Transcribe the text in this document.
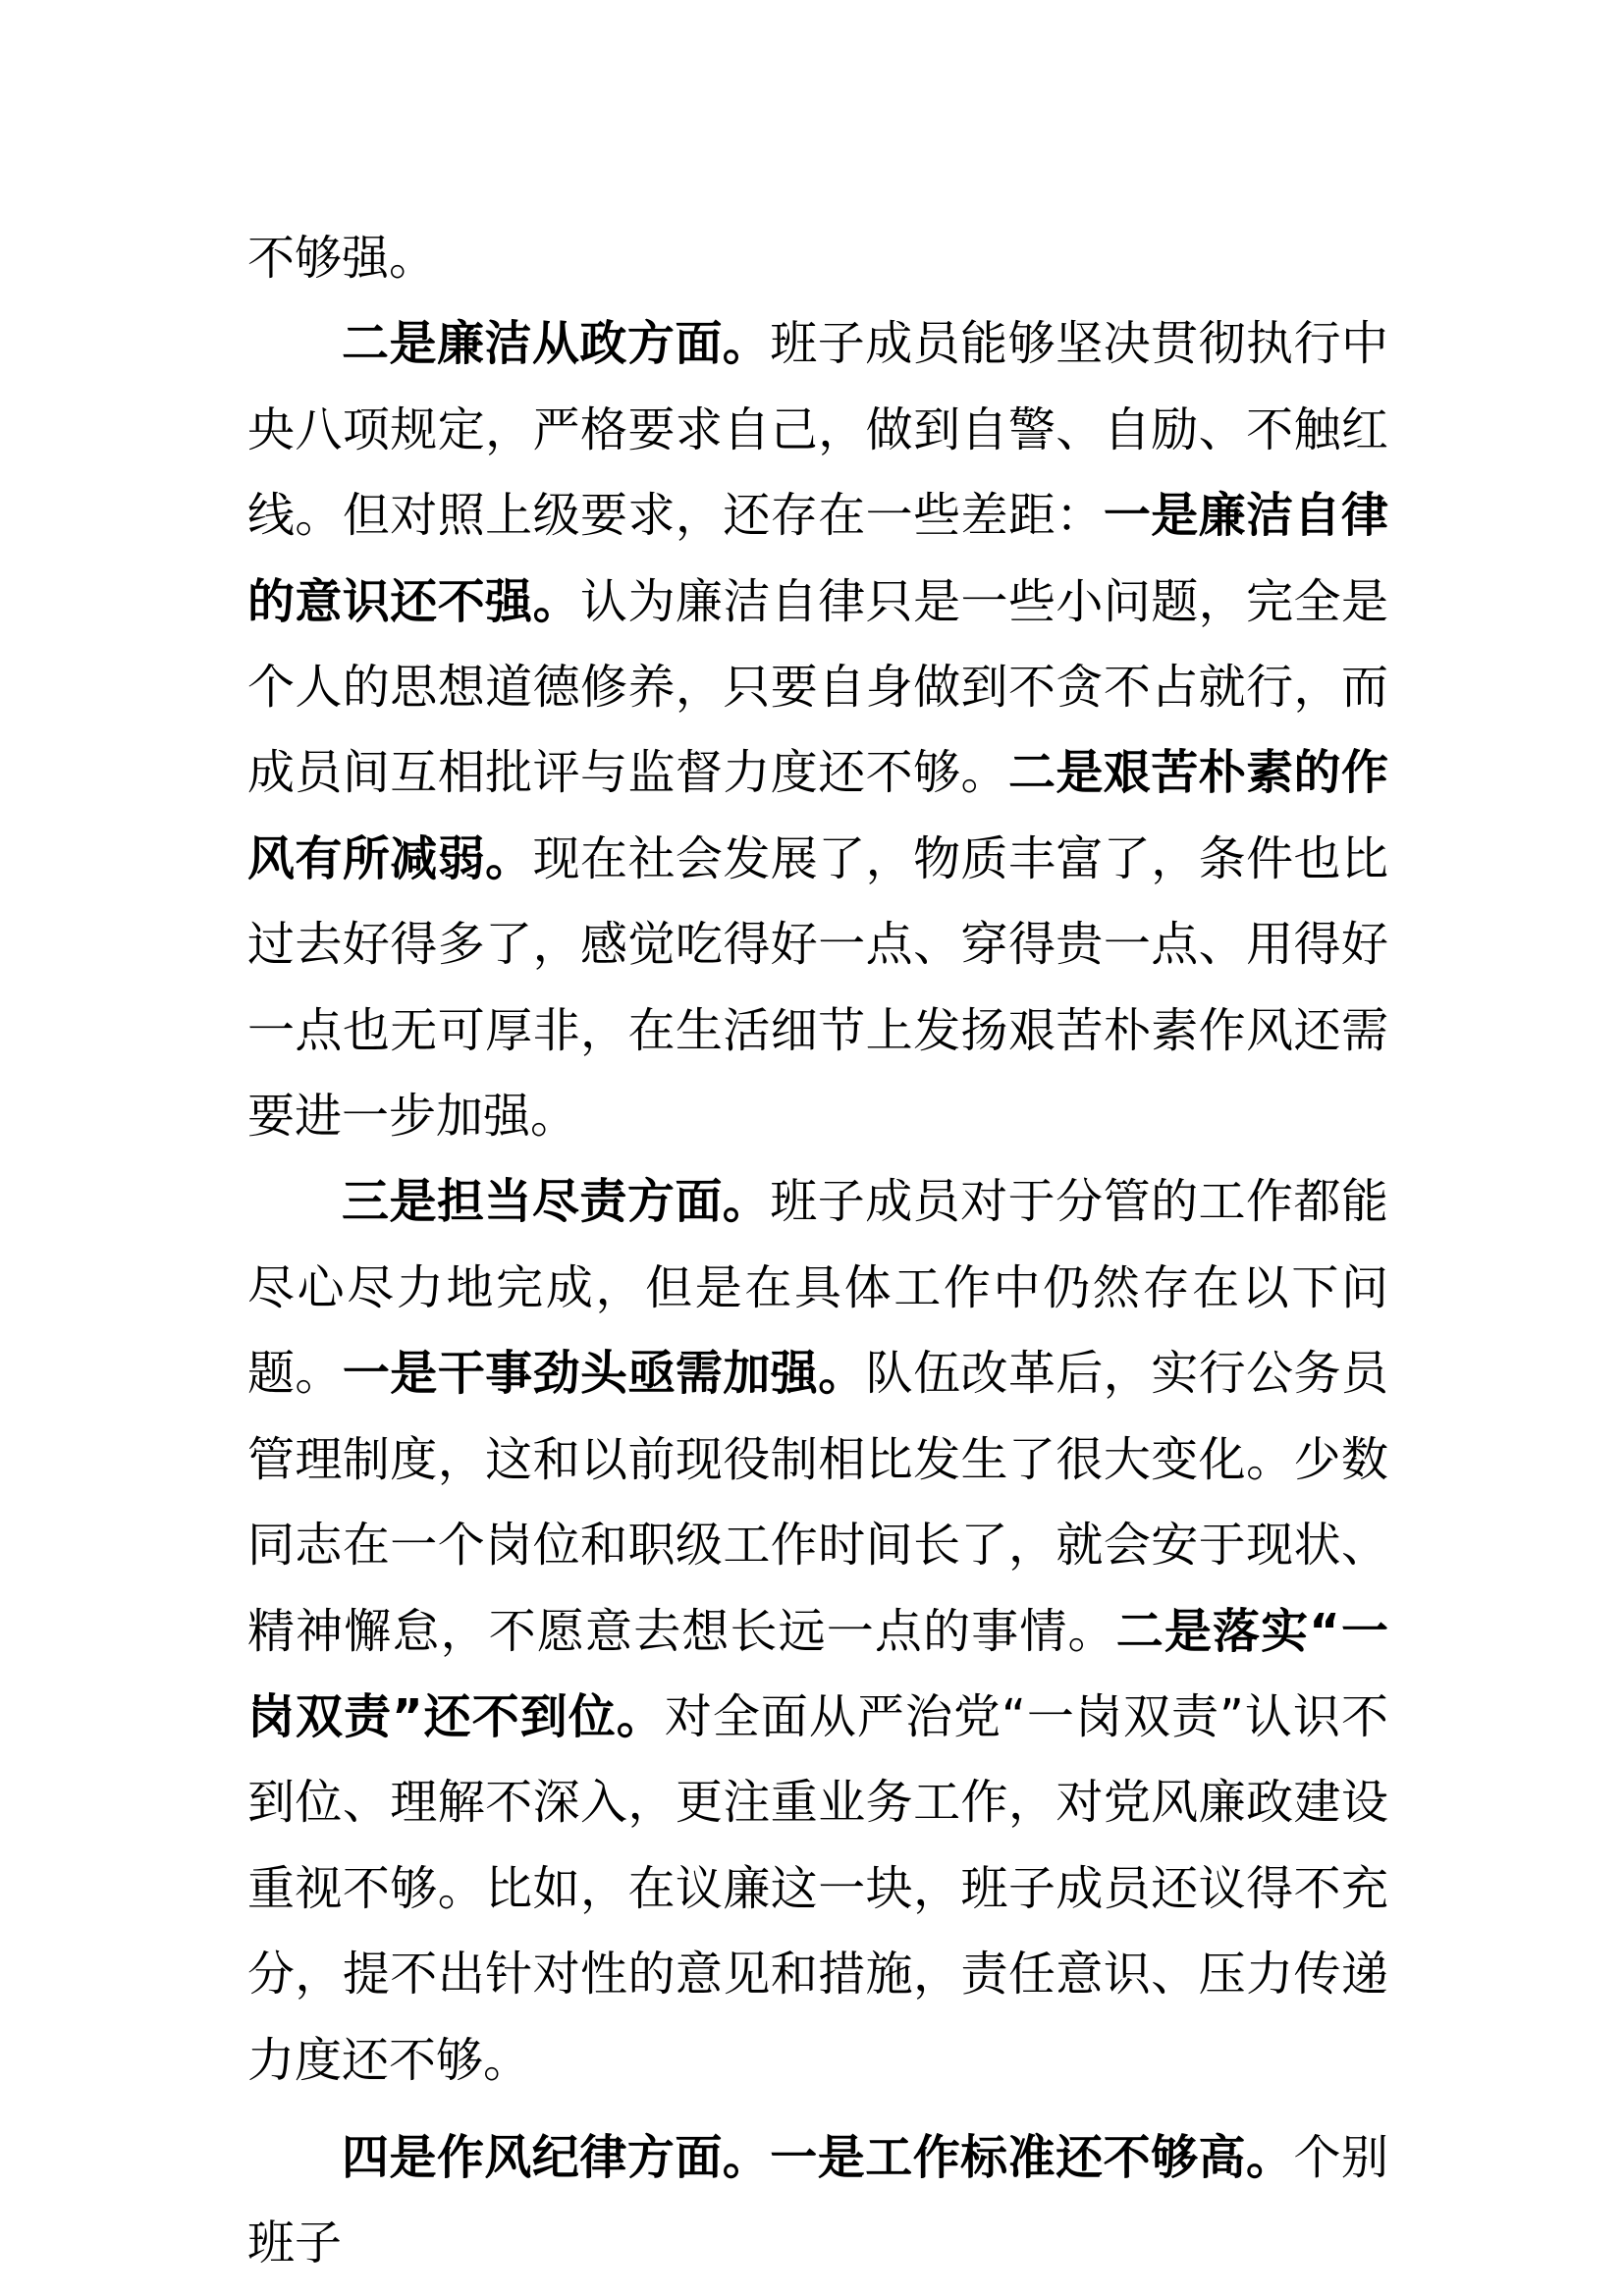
不够强。

二是廉洁从政方面。班子成员能够坚决贯彻执行中央八项规定，严格要求自己，做到自警、自励、不触红线。但对照上级要求，还存在一些差距：一是廉洁自律的意识还不强。认为廉洁自律只是一些小问题，完全是个人的思想道德修养，只要自身做到不贪不占就行，而成员间互相批评与监督力度还不够。二是艰苦朴素的作风有所减弱。现在社会发展了，物质丰富了，条件也比过去好得多了，感觉吃得好一点、穿得贵一点、用得好一点也无可厚非，在生活细节上发扬艰苦朴素作风还需要进一步加强。

三是担当尽责方面。班子成员对于分管的工作都能尽心尽力地完成，但是在具体工作中仍然存在以下问题。一是干事劲头亟需加强。队伍改革后，实行公务员管理制度，这和以前现役制相比发生了很大变化。少数同志在一个岗位和职级工作时间长了，就会安于现状、精神懈怠，不愿意去想长远一点的事情。二是落实“一岗双责”还不到位。对全面从严治党“一岗双责”认识不到位、理解不深入，更注重业务工作，对党风廉政建设重视不够。比如，在议廉这一块，班子成员还议得不充分，提不出针对性的意见和措施，责任意识、压力传递力度还不够。

四是作风纪律方面。一是工作标准还不够高。个别班子
